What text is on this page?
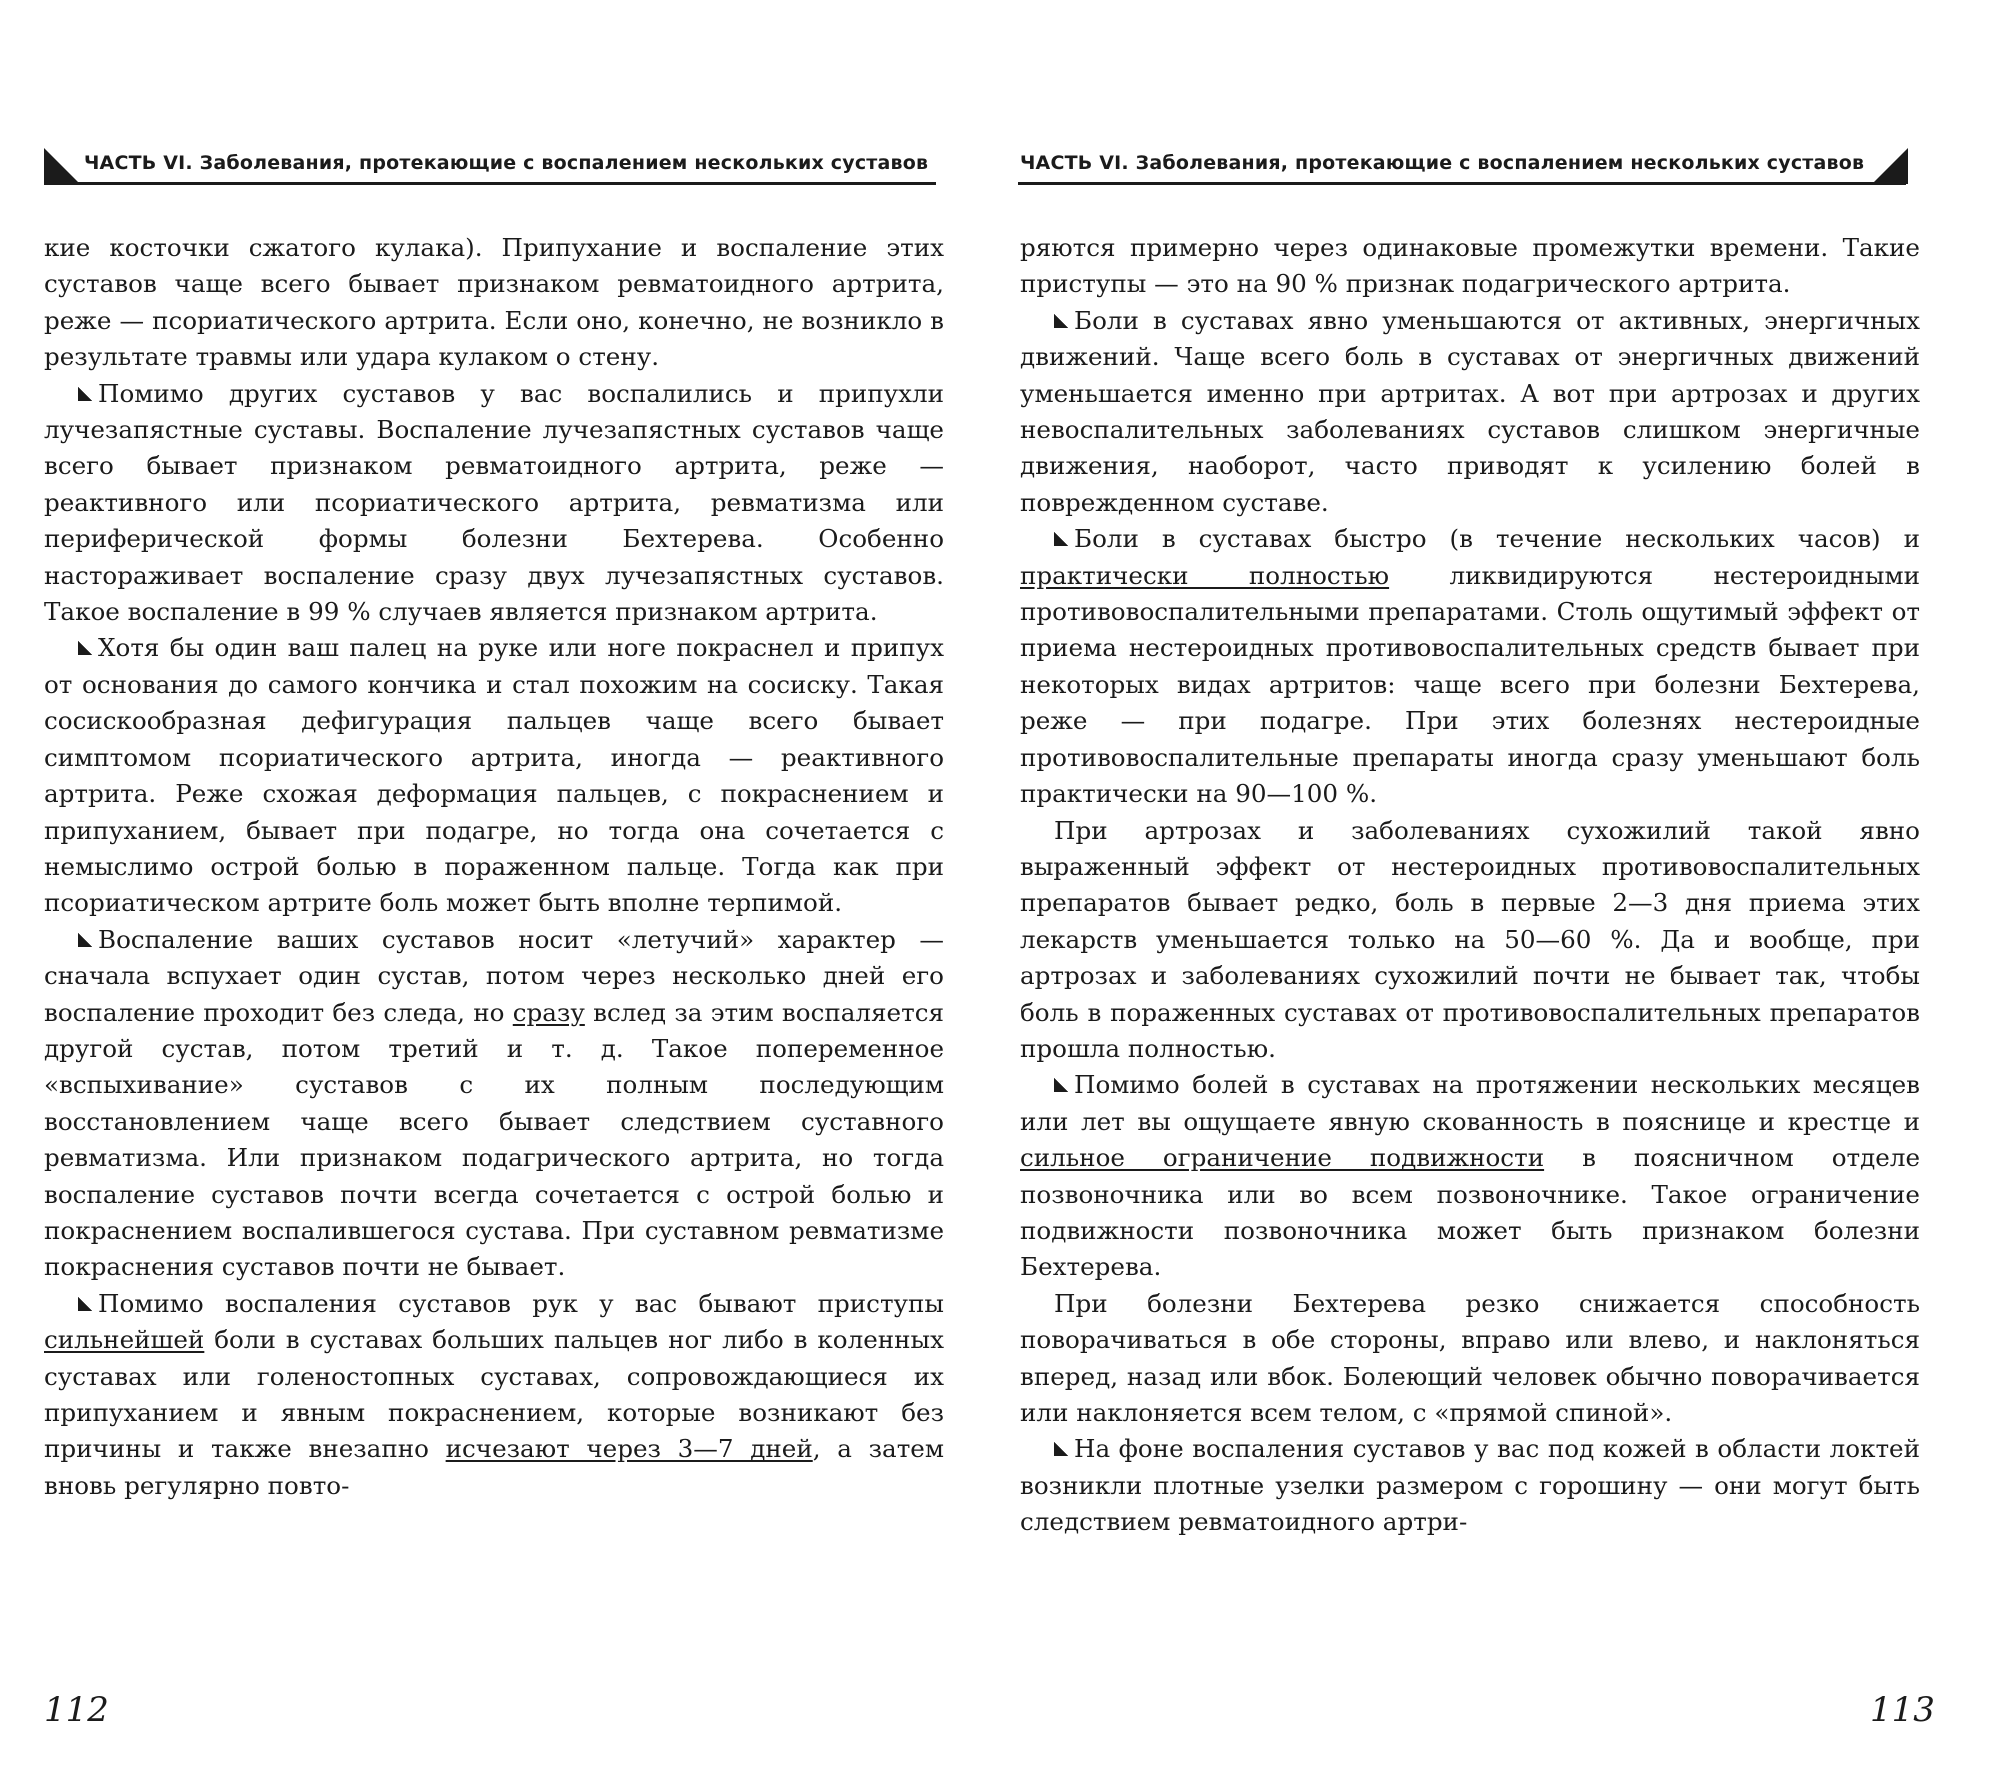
ЧАСТЬ VI. Заболевания, протекающие с воспалением нескольких суставов

кие косточки сжатого кулака). Припухание и воспаление этих суставов чаще всего бывает признаком ревматоидного артрита, реже — псориатического артрита. Если оно, конечно, не возникло в результате травмы или удара кулаком о стену.

Помимо других суставов у вас воспалились и припухли лучезапястные суставы. Воспаление лучезапястных суставов чаще всего бывает признаком ревматоидного артрита, реже — реактивного или псориатического артрита, ревматизма или периферической формы болезни Бехтерева. Особенно настораживает воспаление сразу двух лучезапястных суставов. Такое воспаление в 99 % случаев является признаком артрита.

Хотя бы один ваш палец на руке или ноге покраснел и припух от основания до самого кончика и стал похожим на сосиску. Такая сосискообразная дефигурация пальцев чаще всего бывает симптомом псориатического артрита, иногда — реактивного артрита. Реже схожая деформация пальцев, с покраснением и припуханием, бывает при подагре, но тогда она сочетается с немыслимо острой болью в пораженном пальце. Тогда как при псориатическом артрите боль может быть вполне терпимой.

Воспаление ваших суставов носит «летучий» характер — сначала вспухает один сустав, потом через несколько дней его воспаление проходит без следа, но сразу вслед за этим воспаляется другой сустав, потом третий и т. д. Такое попеременное «вспыхивание» суставов с их полным последующим восстановлением чаще всего бывает следствием суставного ревматизма. Или признаком подагрического артрита, но тогда воспаление суставов почти всегда сочетается с острой болью и покраснением воспалившегося сустава. При суставном ревматизме покраснения суставов почти не бывает.

Помимо воспаления суставов рук у вас бывают приступы сильнейшей боли в суставах больших пальцев ног либо в коленных суставах или голеностопных суставах, сопровождающиеся их припуханием и явным покраснением, которые возникают без причины и также внезапно исчезают через 3—7 дней, а затем вновь регулярно повто-

112
ЧАСТЬ VI. Заболевания, протекающие с воспалением нескольких суставов

ряются примерно через одинаковые промежутки времени. Такие приступы — это на 90 % признак подагрического артрита.

Боли в суставах явно уменьшаются от активных, энергичных движений. Чаще всего боль в суставах от энергичных движений уменьшается именно при артритах. А вот при артрозах и других невоспалительных заболеваниях суставов слишком энергичные движения, наоборот, часто приводят к усилению болей в поврежденном суставе.

Боли в суставах быстро (в течение нескольких часов) и практически полностью ликвидируются нестероидными противовоспалительными препаратами. Столь ощутимый эффект от приема нестероидных противовоспалительных средств бывает при некоторых видах артритов: чаще всего при болезни Бехтерева, реже — при подагре. При этих болезнях нестероидные противовоспалительные препараты иногда сразу уменьшают боль практически на 90—100 %.

При артрозах и заболеваниях сухожилий такой явно выраженный эффект от нестероидных противовоспалительных препаратов бывает редко, боль в первые 2—3 дня приема этих лекарств уменьшается только на 50—60 %. Да и вообще, при артрозах и заболеваниях сухожилий почти не бывает так, чтобы боль в пораженных суставах от противовоспалительных препаратов прошла полностью.

Помимо болей в суставах на протяжении нескольких месяцев или лет вы ощущаете явную скованность в пояснице и крестце и сильное ограничение подвижности в поясничном отделе позвоночника или во всем позвоночнике. Такое ограничение подвижности позвоночника может быть признаком болезни Бехтерева.

При болезни Бехтерева резко снижается способность поворачиваться в обе стороны, вправо или влево, и наклоняться вперед, назад или вбок. Болеющий человек обычно поворачивается или наклоняется всем телом, с «прямой спиной».

На фоне воспаления суставов у вас под кожей в области локтей возникли плотные узелки размером с горошину — они могут быть следствием ревматоидного артри-

113
